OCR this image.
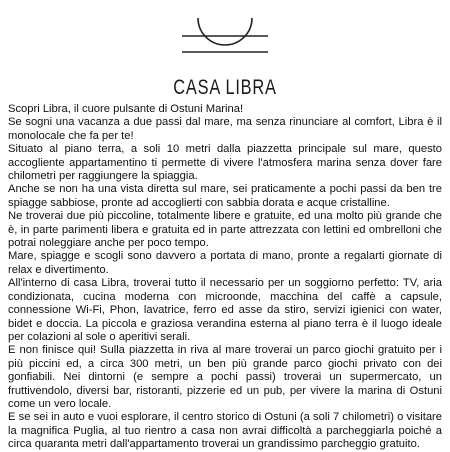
CASA LIBRA

Scopri Libra, il cuore pulsante di Ostuni Marina!

Se sogni una vacanza a due passi dal mare, ma senza rinunciare al comfort, Libra è il monolocale che fa per te!

Situato al piano terra, a soli 10 metri dalla piazzetta principale sul mare, questo accogliente appartamentino ti permette di vivere l'atmosfera marina senza dover fare chilometri per raggiungere la spiaggia.

Anche se non ha una vista diretta sul mare, sei praticamente a pochi passi da ben tre spiagge sabbiose, pronte ad accoglierti con sabbia dorata e acque cristalline.

Ne troverai due più piccoline, totalmente libere e gratuite, ed una molto più grande che è, in parte parimenti libera e gratuita ed in parte attrezzata con lettini ed ombrelloni che potrai noleggiare anche per poco tempo.

Mare, spiagge e scogli sono davvero a portata di mano, pronte a regalarti giornate di relax e divertimento.

All'interno di casa Libra, troverai tutto il necessario per un soggiorno perfetto: TV, aria condizionata, cucina moderna con microonde, macchina del caffè a capsule, connessione Wi-Fi, Phon, lavatrice, ferro ed asse da stiro, servizi igienici con water, bidet e doccia. La piccola e graziosa verandina esterna al piano terra è il luogo ideale per colazioni al sole o aperitivi serali.

E non finisce qui! Sulla piazzetta in riva al mare troverai un parco giochi gratuito per i più piccini ed, a circa 300 metri, un ben più grande parco giochi privato con dei gonfiabili. Nei dintorni (e sempre a pochi passi) troverai un supermercato, un fruttivendolo, diversi bar, ristoranti, pizzerie ed un pub, per vivere la marina di Ostuni come un vero locale.

E se sei in auto e vuoi esplorare, il centro storico di Ostuni (a soli 7 chilometri) o visitare la magnifica Puglia, al tuo rientro a casa non avrai difficoltà a parcheggiarla poiché a circa quaranta metri dall'appartamento troverai un grandissimo parcheggio gratuito.
